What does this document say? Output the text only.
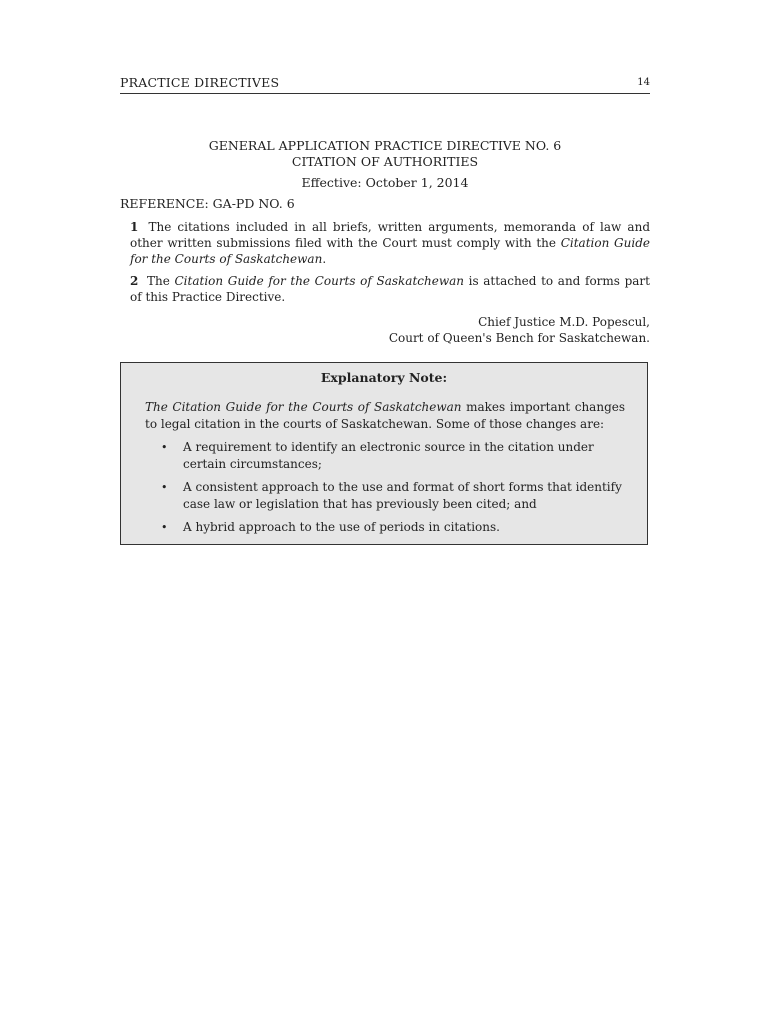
PRACTICE DIRECTIVES	14
GENERAL APPLICATION PRACTICE DIRECTIVE NO. 6
CITATION OF AUTHORITIES
Effective: October 1, 2014
REFERENCE: GA-PD NO. 6

1 The citations included in all briefs, written arguments, memoranda of law and other written submissions filed with the Court must comply with the Citation Guide for the Courts of Saskatchewan.

2 The Citation Guide for the Courts of Saskatchewan is attached to and forms part of this Practice Directive.

Chief Justice M.D. Popescul,
Court of Queen's Bench for Saskatchewan.
Explanatory Note:

The Citation Guide for the Courts of Saskatchewan makes important changes to legal citation in the courts of Saskatchewan. Some of those changes are:

• A requirement to identify an electronic source in the citation under certain circumstances;
• A consistent approach to the use and format of short forms that identify case law or legislation that has previously been cited; and
• A hybrid approach to the use of periods in citations.
